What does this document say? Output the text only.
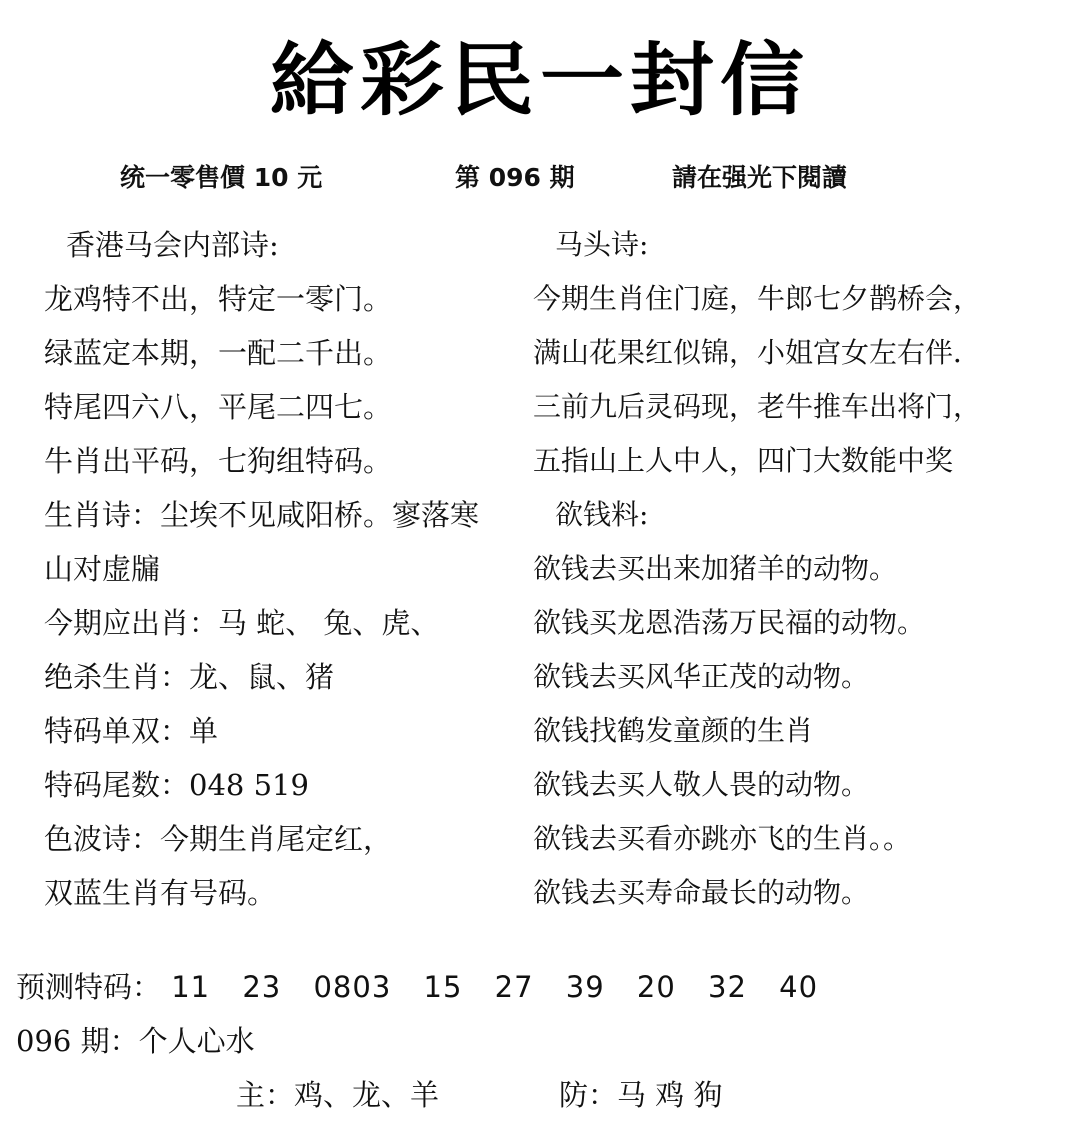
給彩民一封信
统一零售價 10 元	第 096 期	請在强光下閱讀
香港马会内部诗:
龙鸡特不出，特定一零门。
绿蓝定本期，一配二千出。
特尾四六八，平尾二四七。
牛肖出平码，七狗组特码。
生肖诗：尘埃不见咸阳桥。寥落寒
山对虚牖
今期应出肖：马 蛇、 兔、虎、
绝杀生肖：龙、鼠、猪
特码单双：单
特码尾数：048 519
色波诗：今期生肖尾定红，
双蓝生肖有号码。
马头诗:
今期生肖住门庭，牛郎七夕鹊桥会，
满山花果红似锦，小姐宫女左右伴．
三前九后灵码现，老牛推车出将门，
五指山上人中人，四门大数能中奖
欲钱料:
欲钱去买出来加猪羊的动物。
欲钱买龙恩浩荡万民福的动物。
欲钱去买风华正茂的动物。
欲钱找鹤发童颜的生肖
欲钱去买人敬人畏的动物。
欲钱去买看亦跳亦飞的生肖。。
欲钱去买寿命最长的动物。
预测特码： 11 23 0803 15 27 39 20 32 40
096 期：个人心水
主：鸡、龙、羊	防：马 鸡 狗
